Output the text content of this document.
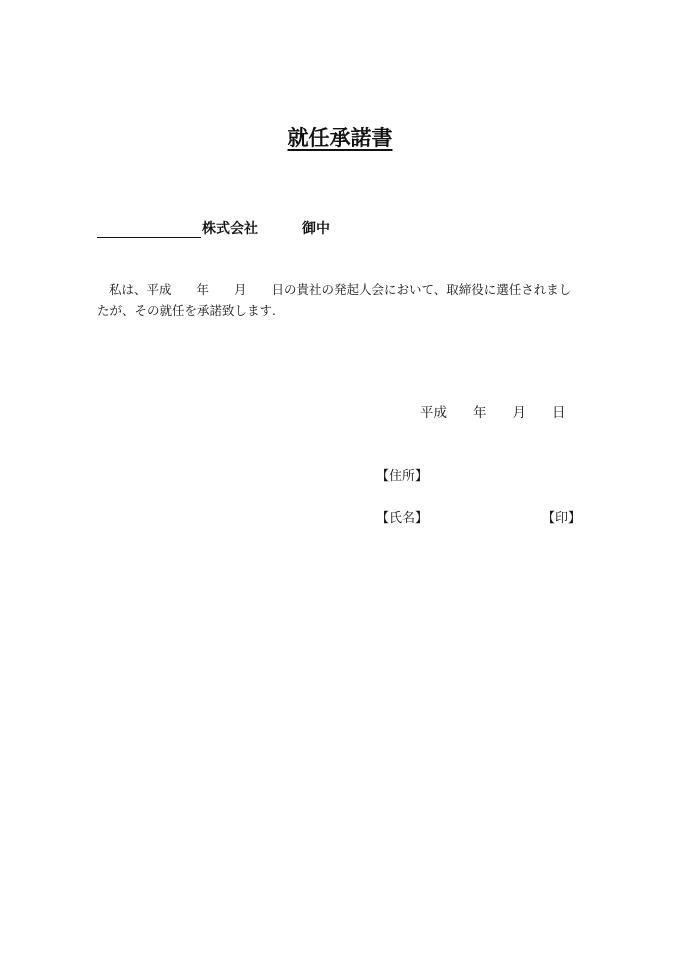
就任承諾書
株式会社	御中
私は、平成 年 月 日の貴社の発起人会において、取締役に選任されまし
たが、その就任を承諾致します.
平成 年 月 日
【住所】
【氏名】	【印】
